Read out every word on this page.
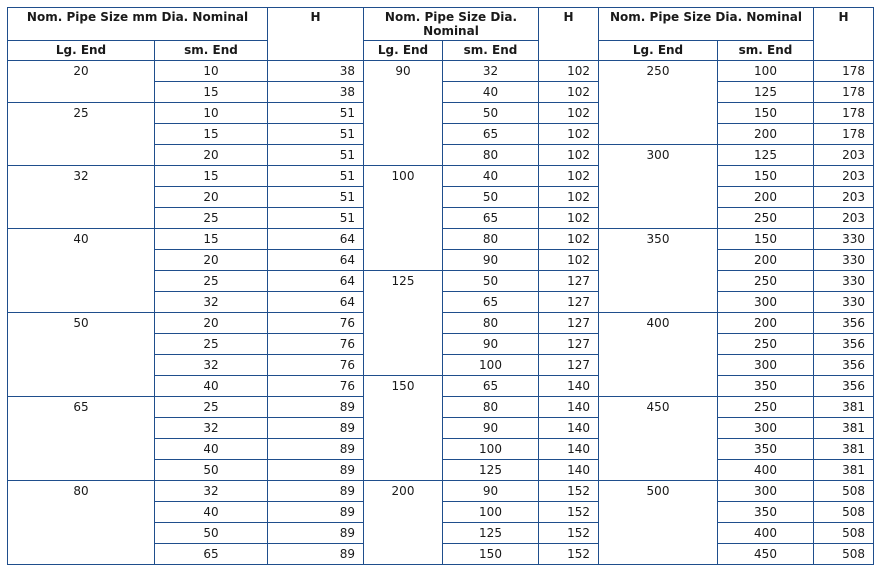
Nom. Pipe Size mm Dia. Nominal		H	Nom. Pipe Size Dia. Nominal		H	Nom. Pipe Size Dia. Nominal		H
Lg. End	sm. End		Lg. End	sm. End		Lg. End	sm. End	
20	10	38	90	32	102	250	100	178
	15	38		40	102		125	178
25	10	51		50	102		150	178
	15	51		65	102		200	178
	20	51		80	102	300	125	203
32	15	51	100	40	102		150	203
	20	51		50	102		200	203
	25	51		65	102		250	203
40	15	64		80	102	350	150	330
	20	64		90	102		200	330
	25	64	125	50	127		250	330
	32	64		65	127		300	330
50	20	76		80	127	400	200	356
	25	76		90	127		250	356
	32	76		100	127		300	356
	40	76	150	65	140		350	356
65	25	89		80	140	450	250	381
	32	89		90	140		300	381
	40	89		100	140		350	381
	50	89		125	140		400	381
80	32	89	200	90	152	500	300	508
	40	89		100	152		350	508
	50	89		125	152		400	508
	65	89		150	152		450	508
